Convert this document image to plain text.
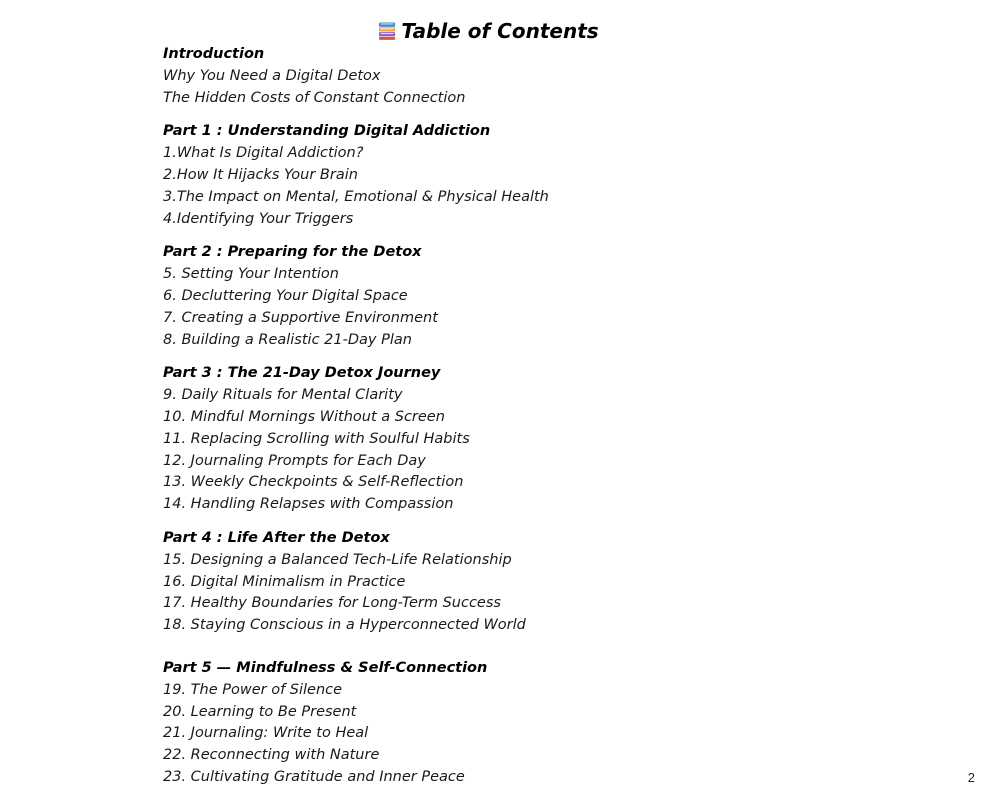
Table of Contents
Introduction
Why You Need a Digital Detox
The Hidden Costs of Constant Connection
Part 1 : Understanding Digital Addiction
1.What Is Digital Addiction?
2.How It Hijacks Your Brain
3.The Impact on Mental, Emotional & Physical Health
4.Identifying Your Triggers
Part 2 : Preparing for the Detox
5. Setting Your Intention
6. Decluttering Your Digital Space
7. Creating a Supportive Environment
8. Building a Realistic 21-Day Plan
Part 3 : The 21-Day Detox Journey
9. Daily Rituals for Mental Clarity
10. Mindful Mornings Without a Screen
11. Replacing Scrolling with Soulful Habits
12. Journaling Prompts for Each Day
13. Weekly Checkpoints & Self-Reflection
14. Handling Relapses with Compassion
Part 4 : Life After the Detox
15. Designing a Balanced Tech-Life Relationship
16. Digital Minimalism in Practice
17. Healthy Boundaries for Long-Term Success
18. Staying Conscious in a Hyperconnected World
Part 5 — Mindfulness & Self-Connection
19. The Power of Silence
20. Learning to Be Present
21. Journaling: Write to Heal
22. Reconnecting with Nature
23. Cultivating Gratitude and Inner Peace	2
